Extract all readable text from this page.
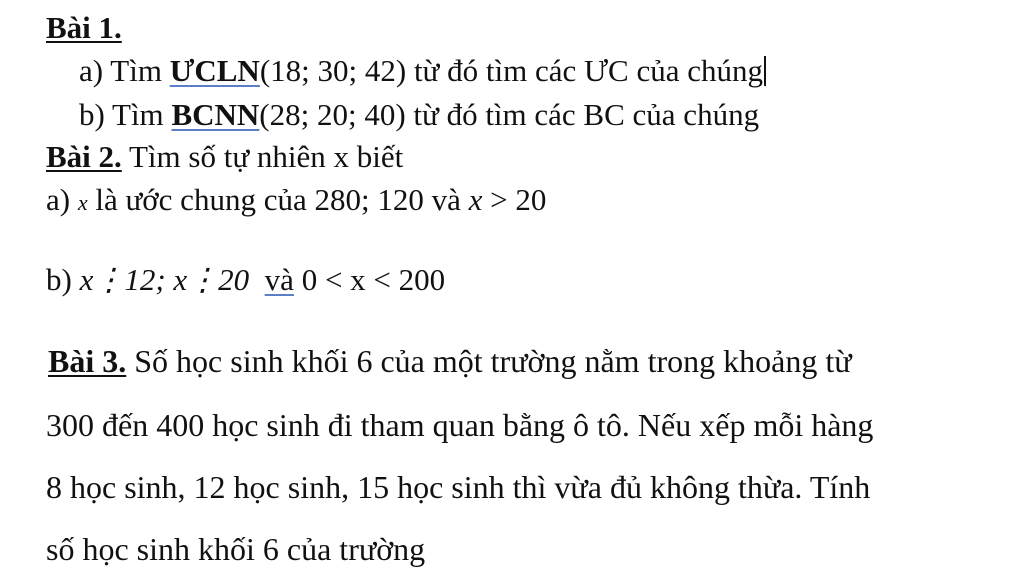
Bài 1.
a) Tìm ƯCLN(18; 30; 42) từ đó tìm các ƯC của chúng
b) Tìm BCNN(28; 20; 40) từ đó tìm các BC của chúng
Bài 2. Tìm số tự nhiên x biết
a) x là ước chung của 280; 120 và x > 20
b) x⋮12; x⋮20 và 0 < x < 200
Bài 3. Số học sinh khối 6 của một trường nằm trong khoảng từ
300 đến 400 học sinh đi tham quan bằng ô tô. Nếu xếp mỗi hàng
8 học sinh, 12 học sinh, 15 học sinh thì vừa đủ không thừa. Tính
số học sinh khối 6 của trường
